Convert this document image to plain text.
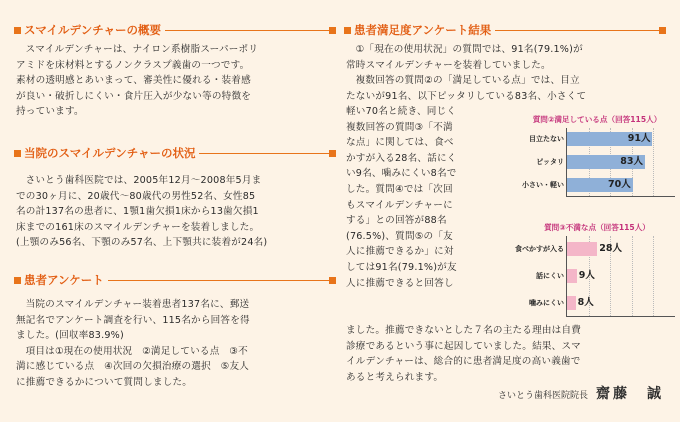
スマイルデンチャーの概要

スマイルデンチャーは、ナイロン系樹脂スーパーポリ
アミドを床材料とするノンクラスプ義歯の一つです。
素材の透明感とあいまって、審美性に優れる・装着感
が良い・破折しにくい・食片圧入が少ない等の特徴を
持っています。

当院のスマイルデンチャーの状況

さいとう歯科医院では、2005年12月〜2008年5月ま
での30ヶ月に、20歳代〜80歳代の男性52名、女性85
名の計137名の患者に、1顎1歯欠損1床から13歯欠損1
床までの161床のスマイルデンチャーを装着しました。
(上顎のみ56名、下顎のみ57名、上下顎共に装着が24名)

患者アンケート

当院のスマイルデンチャー装着患者137名に、郵送
無記名でアンケート調査を行い、115名から回答を得
ました。(回収率83.9%)
項目は①現在の使用状況　②満足している点　③不
満に感じている点　④次回の欠損治療の選択　⑤友人
に推薦できるかについて質問しました。

患者満足度アンケート結果

①「現在の使用状況」の質問では、91名(79.1%)が
常時スマイルデンチャーを装着していました。
複数回答の質問②の「満足している点」では、目立
たないが91名、以下ピッタリしている83名、小さくて

軽い70名と続き、同じく
複数回答の質問③「不満
な点」に関しては、食べ
かすが入る28名、話にく
い9名、噛みにくい8名で
した。質問④では「次回
もスマイルデンチャーに
する」との回答が88名
(76.5%)、質問⑤の「友
人に推薦できるか」に対
しては91名(79.1%)が友
人に推薦できると回答し

質問②満足している点（回答115人）
目立たない	91人
ピッタリ	83人
小さい・軽い	70人
質問③不満な点（回答115人）
食べかすが入る	28人
話にくい 9人
噛みにくい 8人

ました。推薦できないとした７名の主たる理由は自費
診療であるという事に起因していました。結果、スマ
イルデンチャーは、総合的に患者満足度の高い義歯で
あると考えられます。

さいとう歯科医院院長 齋藤　誠
